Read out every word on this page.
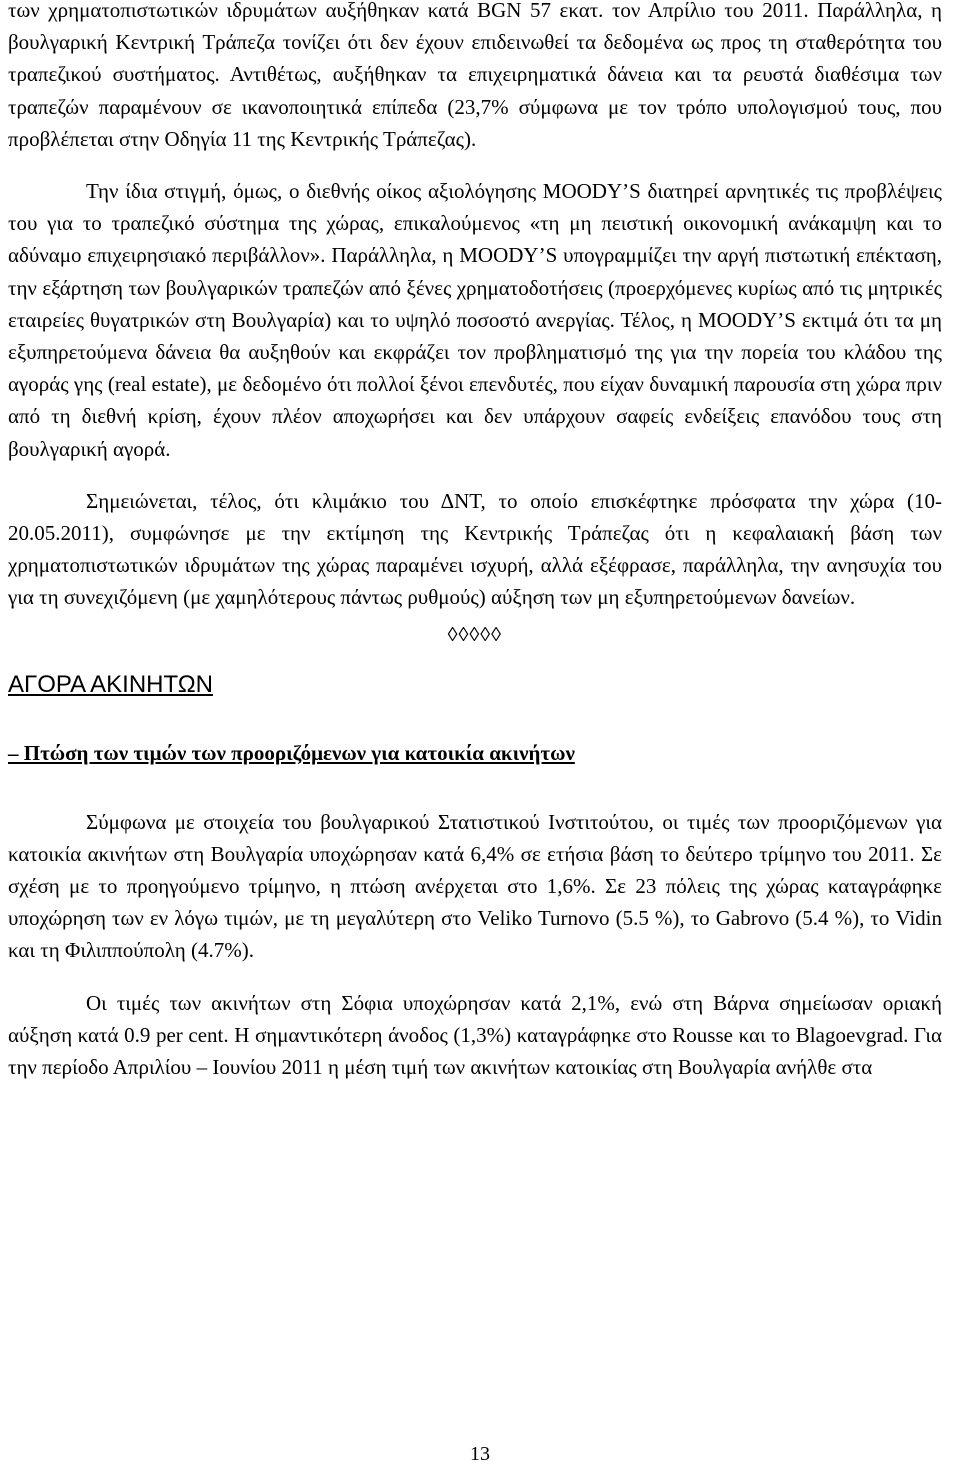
των χρηματοπιστωτικών ιδρυμάτων αυξήθηκαν κατά BGN 57 εκατ. τον Απρίλιο του 2011. Παράλληλα, η βουλγαρική Κεντρική Τράπεζα τονίζει ότι δεν έχουν επιδεινωθεί τα δεδομένα ως προς τη σταθερότητα του τραπεζικού συστήματος. Αντιθέτως, αυξήθηκαν τα επιχειρηματικά δάνεια και τα ρευστά διαθέσιμα των τραπεζών παραμένουν σε ικανοποιητικά επίπεδα (23,7% σύμφωνα με τον τρόπο υπολογισμού τους, που προβλέπεται στην Οδηγία 11 της Κεντρικής Τράπεζας).

Την ίδια στιγμή, όμως, ο διεθνής οίκος αξιολόγησης MOODY’S διατηρεί αρνητικές τις προβλέψεις του για το τραπεζικό σύστημα της χώρας, επικαλούμενος «τη μη πειστική οικονομική ανάκαμψη και το αδύναμο επιχειρησιακό περιβάλλον». Παράλληλα, η MOODY’S υπογραμμίζει την αργή πιστωτική επέκταση, την εξάρτηση των βουλγαρικών τραπεζών από ξένες χρηματοδοτήσεις (προερχόμενες κυρίως από τις μητρικές εταιρείες θυγατρικών στη Βουλγαρία) και το υψηλό ποσοστό ανεργίας. Τέλος, η MOODY’S εκτιμά ότι τα μη εξυπηρετούμενα δάνεια θα αυξηθούν και εκφράζει τον προβληματισμό της για την πορεία του κλάδου της αγοράς γης (real estate), με δεδομένο ότι πολλοί ξένοι επενδυτές, που είχαν δυναμική παρουσία στη χώρα πριν από τη διεθνή κρίση, έχουν πλέον αποχωρήσει και δεν υπάρχουν σαφείς ενδείξεις επανόδου τους στη βουλγαρική αγορά.

Σημειώνεται, τέλος, ότι κλιμάκιο του ΔΝΤ, το οποίο επισκέφτηκε πρόσφατα την χώρα (10-20.05.2011), συμφώνησε με την εκτίμηση της Κεντρικής Τράπεζας ότι η κεφαλαιακή βάση των χρηματοπιστωτικών ιδρυμάτων της χώρας παραμένει ισχυρή, αλλά εξέφρασε, παράλληλα, την ανησυχία του για τη συνεχιζόμενη (με χαμηλότερους πάντως ρυθμούς) αύξηση των μη εξυπηρετούμενων δανείων.

◊◊◊◊◊
ΑΓΟΡΑ ΑΚΙΝΗΤΩΝ
– Πτώση των τιμών των προοριζόμενων για κατοικία ακινήτων

Σύμφωνα με στοιχεία του βουλγαρικού Στατιστικού Ινστιτούτου, οι τιμές των προοριζόμενων για κατοικία ακινήτων στη Βουλγαρία υποχώρησαν κατά 6,4% σε ετήσια βάση το δεύτερο τρίμηνο του 2011. Σε σχέση με το προηγούμενο τρίμηνο, η πτώση ανέρχεται στο 1,6%. Σε 23 πόλεις της χώρας καταγράφηκε υποχώρηση των εν λόγω τιμών, με τη μεγαλύτερη στο Veliko Turnovo (5.5 %), το Gabrovo (5.4 %), το Vidin και τη Φιλιππούπολη (4.7%).

Οι τιμές των ακινήτων στη Σόφια υποχώρησαν κατά 2,1%, ενώ στη Βάρνα σημείωσαν οριακή αύξηση κατά 0.9 per cent. Η σημαντικότερη άνοδος (1,3%) καταγράφηκε στο Rousse και το Blagoevgrad. Για την περίοδο Απριλίου – Ιουνίου 2011 η μέση τιμή των ακινήτων κατοικίας στη Βουλγαρία ανήλθε στα

13
